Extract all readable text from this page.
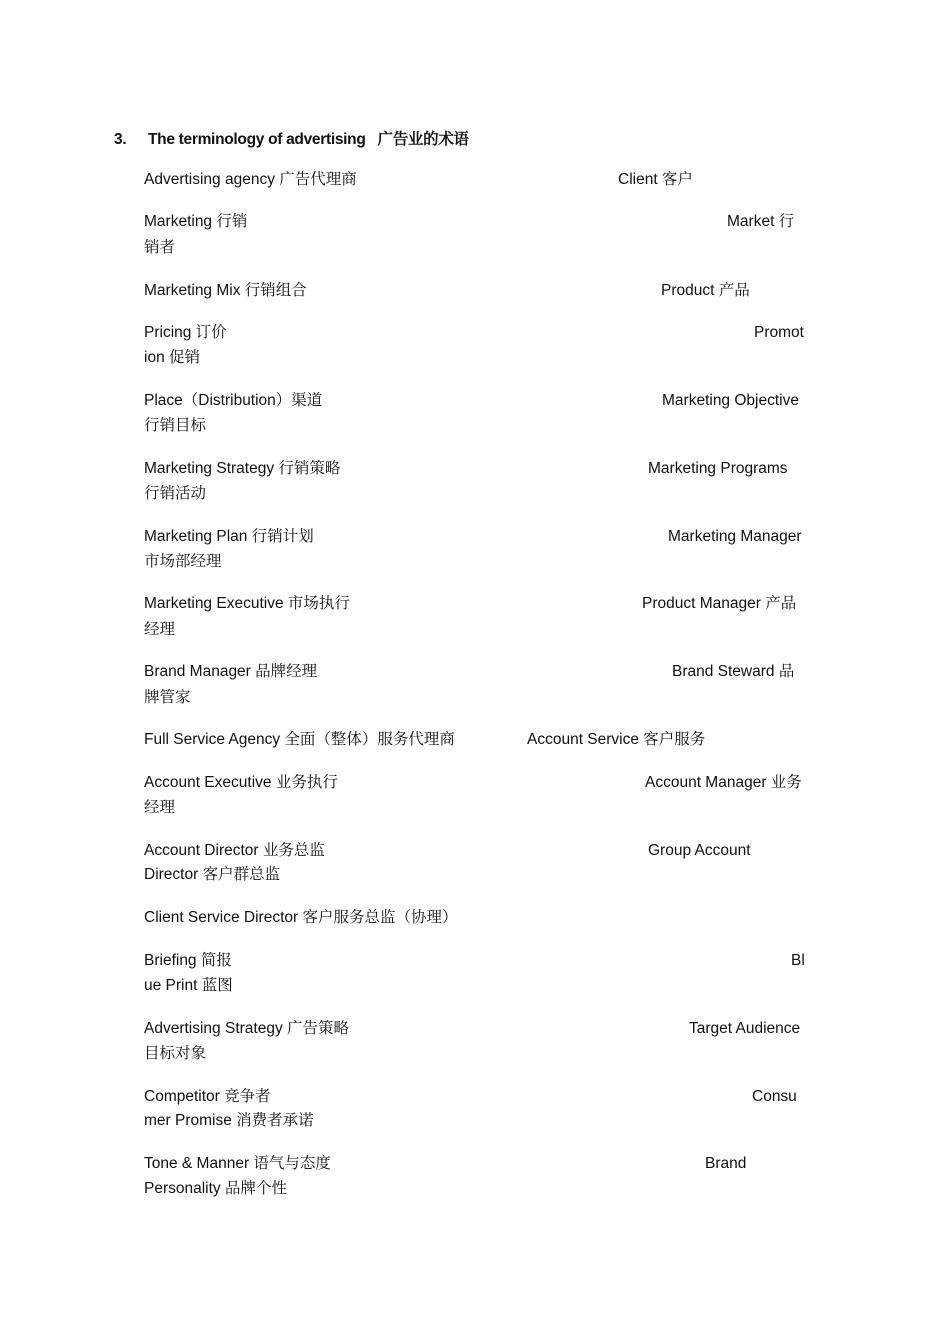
3. The terminology of advertising   广告业的术语
Advertising agency 广告代理商	Client 客户
Marketing 行销	Market 行
销者
Marketing Mix 行销组合	Product 产品
Pricing 订价	Promot
ion 促销
Place（Distribution）渠道	Marketing Objective
行销目标
Marketing Strategy 行销策略	Marketing Programs
行销活动
Marketing Plan 行销计划	Marketing Manager
市场部经理
Marketing Executive 市场执行	Product Manager 产品
经理
Brand Manager 品牌经理	Brand Steward 品
牌管家
Full Service Agency 全面（整体）服务代理商	Account Service 客户服务
Account Executive 业务执行	Account Manager 业务
经理
Account Director 业务总监	Group Account
Director 客户群总监
Client Service Director 客户服务总监（协理）
Briefing 简报	Bl
ue Print 蓝图
Advertising Strategy 广告策略	Target Audience
目标对象
Competitor 竞争者	Consu
mer Promise 消费者承诺
Tone & Manner 语气与态度	Brand
Personality 品牌个性
